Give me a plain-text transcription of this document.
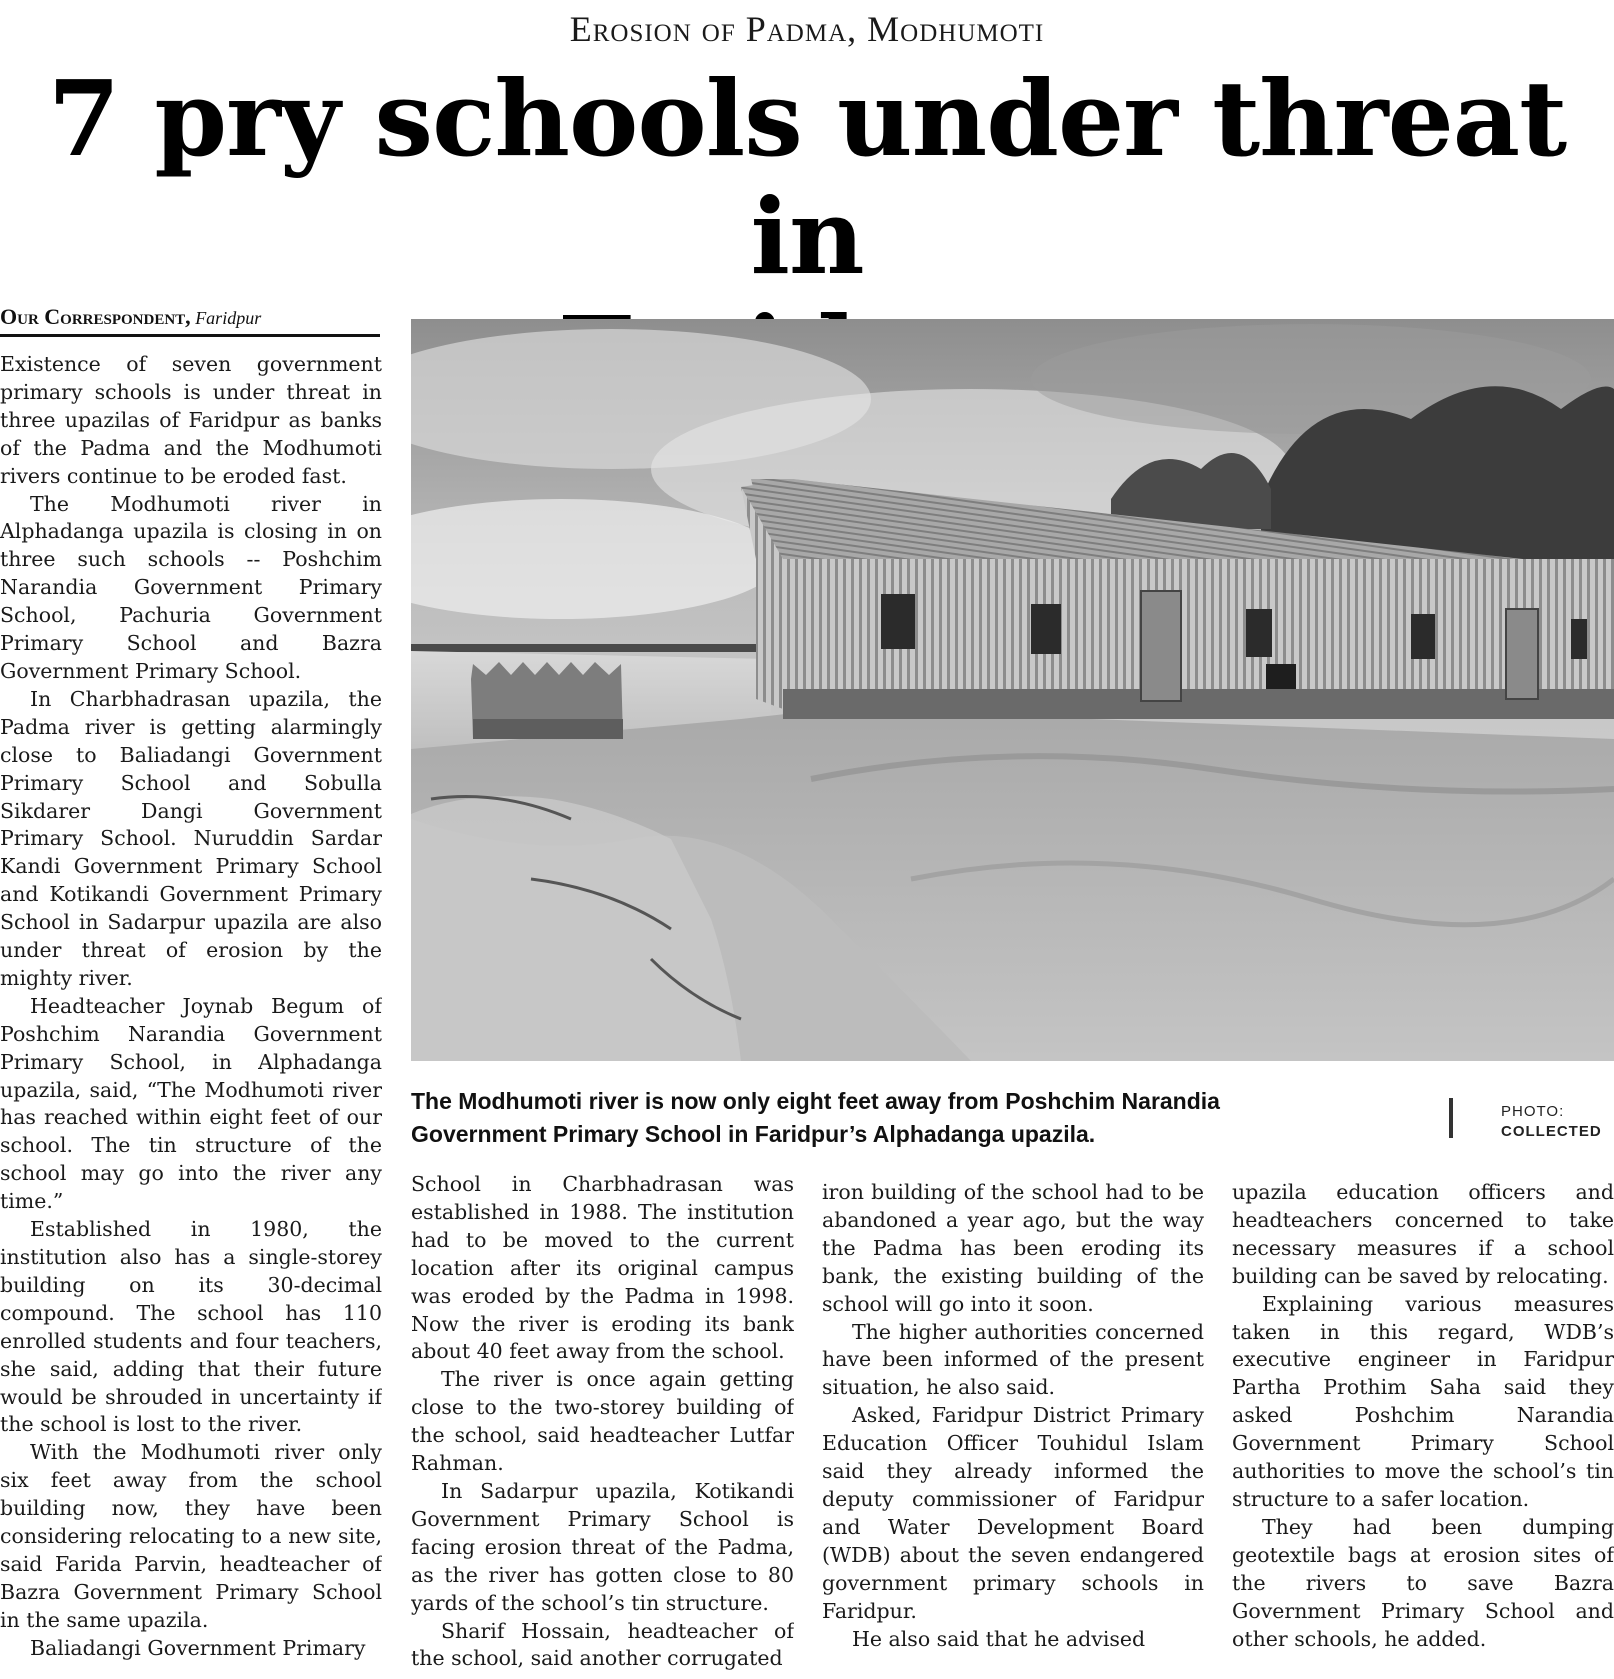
Erosion of Padma, Modhumoti
7 pry schools under threat in
Our Correspondent, Faridpur

Existence of seven government primary schools is under threat in three upazilas of Faridpur as banks of the Padma and the Modhumoti rivers continue to be eroded fast.

The Modhumoti river in Alphadanga upazila is closing in on three such schools -- Poshchim Narandia Government Primary School, Pachuria Government Primary School and Bazra Government Primary School.

In Charbhadrasan upazila, the Padma river is getting alarmingly close to Baliadangi Government Primary School and Sobulla Sikdarer Dangi Government Primary School. Nuruddin Sardar Kandi Government Primary School and Kotikandi Government Primary School in Sadarpur upazila are also under threat of erosion by the mighty river.

Headteacher Joynab Begum of Poshchim Narandia Government Primary School, in Alphadanga upazila, said, “The Modhumoti river has reached within eight feet of our school. The tin structure of the school may go into the river any time.”

Established in 1980, the institution also has a single-storey building on its 30-decimal compound. The school has 110 enrolled students and four teachers, she said, adding that their future would be shrouded in uncertainty if the school is lost to the river.

With the Modhumoti river only six feet away from the school building now, they have been considering relocating to a new site, said Farida Parvin, headteacher of Bazra Government Primary School in the same upazila.

Baliadangi Government Primary

The Modhumoti river is now only eight feet away from Poshchim Narandia
Government Primary School in Faridpur’s Alphadanga upazila.
PHOTO:
COLLECTED

School in Charbhadrasan was established in 1988. The institution had to be moved to the current location after its original campus was eroded by the Padma in 1998. Now the river is eroding its bank about 40 feet away from the school.

The river is once again getting close to the two-storey building of the school, said headteacher Lutfar Rahman.

In Sadarpur upazila, Kotikandi Government Primary School is facing erosion threat of the Padma, as the river has gotten close to 80 yards of the school’s tin structure.

Sharif Hossain, headteacher of the school, said another corrugated

iron building of the school had to be abandoned a year ago, but the way the Padma has been eroding its bank, the existing building of the school will go into it soon.

The higher authorities concerned have been informed of the present situation, he also said.

Asked, Faridpur District Primary Education Officer Touhidul Islam said they already informed the deputy commissioner of Faridpur and Water Development Board (WDB) about the seven endangered government primary schools in Faridpur.

He also said that he advised

upazila education officers and headteachers concerned to take necessary measures if a school building can be saved by relocating.

Explaining various measures taken in this regard, WDB’s executive engineer in Faridpur Partha Prothim Saha said they asked Poshchim Narandia Government Primary School authorities to move the school’s tin structure to a safer location.

They had been dumping geotextile bags at erosion sites of the rivers to save Bazra Government Primary School and other schools, he added.
